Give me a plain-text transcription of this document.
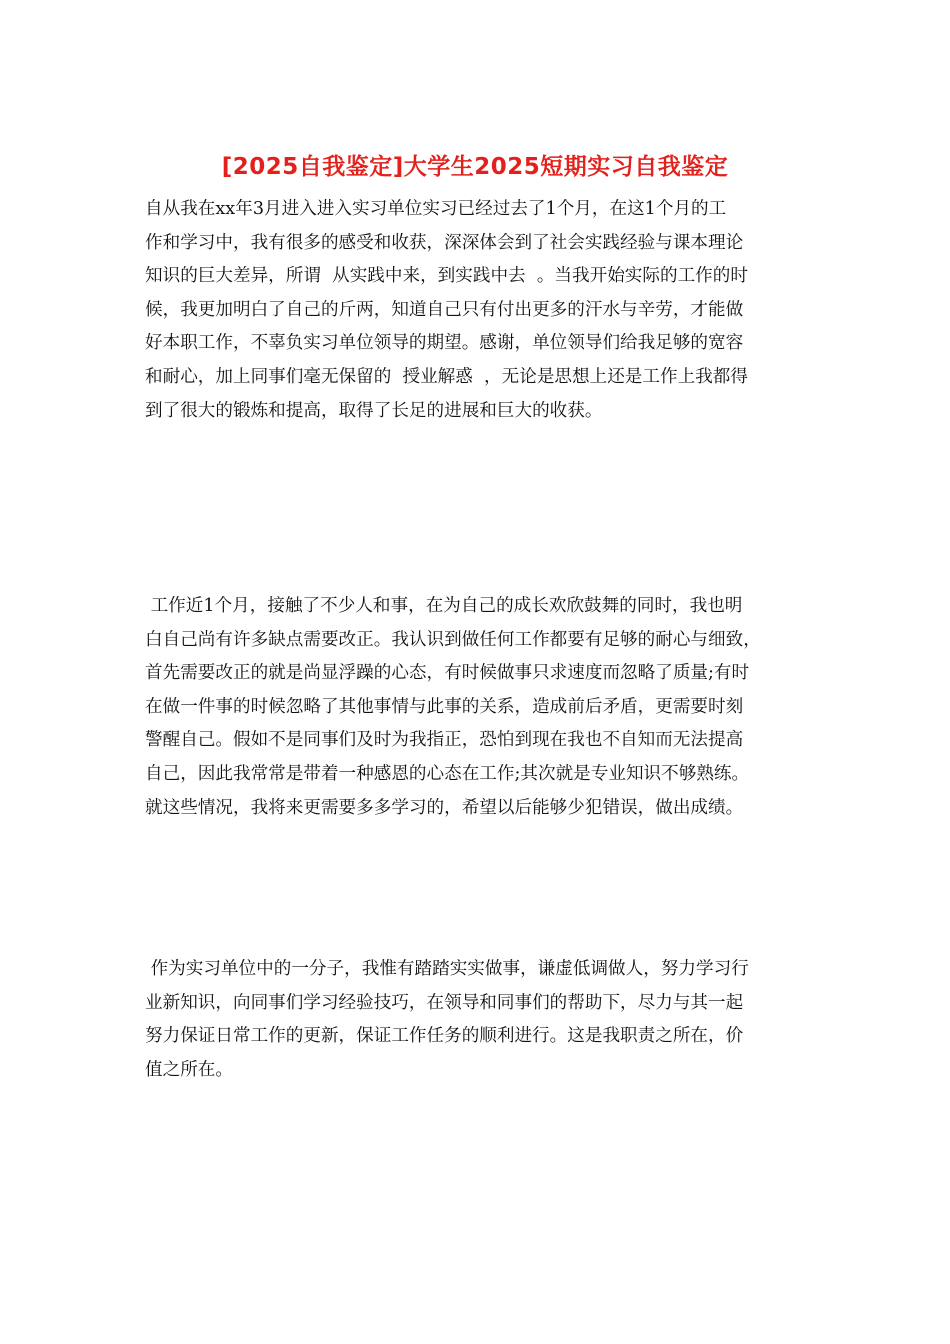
[2025自我鉴定]大学生2025短期实习自我鉴定
自从我在xx年3月进入进入实习单位实习已经过去了1个月，在这1个月的工
作和学习中，我有很多的感受和收获，深深体会到了社会实践经验与课本理论
知识的巨大差异，所谓  从实践中来，到实践中去  。当我开始实际的工作的时
候，我更加明白了自己的斤两，知道自己只有付出更多的汗水与辛劳，才能做
好本职工作，不辜负实习单位领导的期望。感谢，单位领导们给我足够的宽容
和耐心，加上同事们毫无保留的  授业解惑  ，无论是思想上还是工作上我都得
到了很大的锻炼和提高，取得了长足的进展和巨大的收获。
工作近1个月，接触了不少人和事，在为自己的成长欢欣鼓舞的同时，我也明
白自己尚有许多缺点需要改正。我认识到做任何工作都要有足够的耐心与细致，
首先需要改正的就是尚显浮躁的心态，有时候做事只求速度而忽略了质量;有时
在做一件事的时候忽略了其他事情与此事的关系，造成前后矛盾，更需要时刻
警醒自己。假如不是同事们及时为我指正，恐怕到现在我也不自知而无法提高
自己，因此我常常是带着一种感恩的心态在工作;其次就是专业知识不够熟练。
就这些情况，我将来更需要多多学习的，希望以后能够少犯错误，做出成绩。
作为实习单位中的一分子，我惟有踏踏实实做事，谦虚低调做人，努力学习行
业新知识，向同事们学习经验技巧，在领导和同事们的帮助下，尽力与其一起
努力保证日常工作的更新，保证工作任务的顺利进行。这是我职责之所在，价
值之所在。
